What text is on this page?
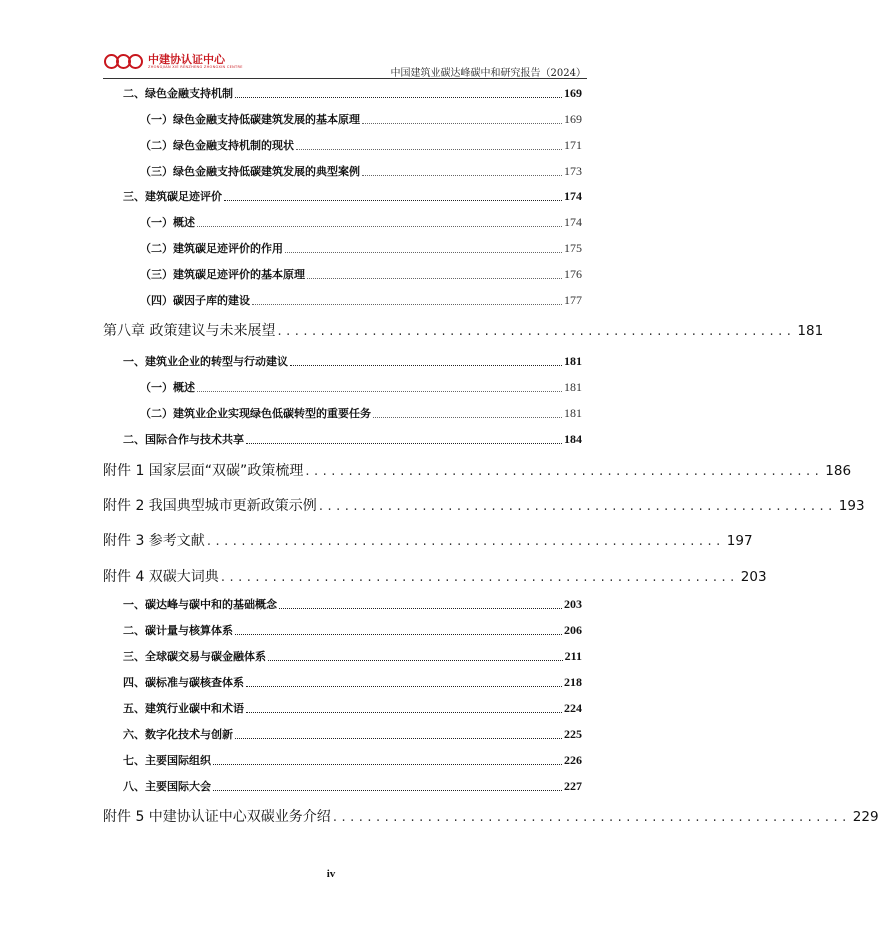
中建协认证中心
ZHONGJIAN XIE RENZHENG ZHONGXIN CENTRE
中国建筑业碳达峰碳中和研究报告（2024）
二、绿色金融支持机制	169
（一）绿色金融支持低碳建筑发展的基本原理	169
（二）绿色金融支持机制的现状	171
（三）绿色金融支持低碳建筑发展的典型案例	173
三、建筑碳足迹评价	174
（一）概述	174
（二）建筑碳足迹评价的作用	175
（三）建筑碳足迹评价的基本原理	176
（四）碳因子库的建设	177
第八章 政策建议与未来展望 ............................................................ 181
一、建筑业企业的转型与行动建议	181
（一）概述	181
（二）建筑业企业实现绿色低碳转型的重要任务	181
二、国际合作与技术共享	184
附件 1 国家层面“双碳”政策梳理 ............................................................ 186
附件 2 我国典型城市更新政策示例 ............................................................ 193
附件 3 参考文献 ............................................................ 197
附件 4 双碳大词典 ............................................................ 203
一、碳达峰与碳中和的基础概念	203
二、碳计量与核算体系	206
三、全球碳交易与碳金融体系	211
四、碳标准与碳核查体系	218
五、建筑行业碳中和术语	224
六、数字化技术与创新	225
七、主要国际组织	226
八、主要国际大会	227
附件 5 中建协认证中心双碳业务介绍 ............................................................ 229
iv
